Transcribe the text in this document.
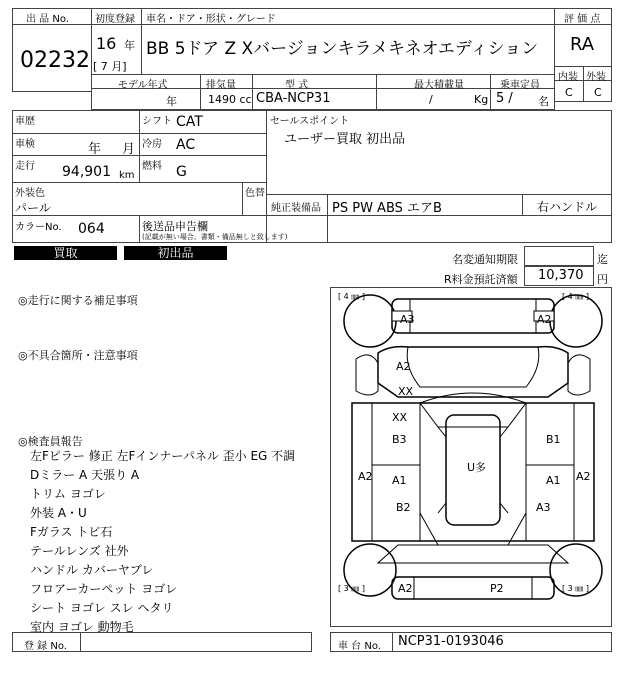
出 品 No.
02232
初度登録 車名・ドア・形状・グレード
16 年
[ 7 月]
BB 5ドア Z Xバージョンキラメキネオエディション
評 価 点
RA
内装 外装
C C
モデル年式	排気量	型 式	最大積載量	乗車定員
年	1490 cc CBA-NCP31	/	Kg 5 / 名
車歴	シフト CAT
車検	年 月 冷房 AC
走行 94,901 km
燃料 G
外装色
パール
色替
カラーNo. 064	後送品申告欄
(記載が無い場合、書類・備品無しと致します)
セールスポイント
ユーザー買取 初出品
純正装備品 PS PW ABS エアB	右ハンドル
買取	初出品	名変通知期限	迄
R料金預託済額 10,370 円
◎走行に関する補足事項
◎不具合箇所・注意事項
◎検査員報告
左Fピラー 修正 左Fインナーパネル 歪小 EG 不調
Dミラー A 天張り A
トリム ヨゴレ
外装 A・U
Fガラス トビ石
テールレンズ 社外
ハンドル カバーヤブレ
フロアーカーペット ヨゴレ
シート ヨゴレ スレ ヘタリ
室内 ヨゴレ 動物毛
[ 4 ㎜ ]	[ 4 ㎜ ]
[ 3 ㎜ ]	[ 3 ㎜ ]
A3	A2
A2
XX
XX
B3	B1
A2 A1
U多
A1 A2
B2	A3
A2	P2
登 録 No.	車 台 No. NCP31-0193046
